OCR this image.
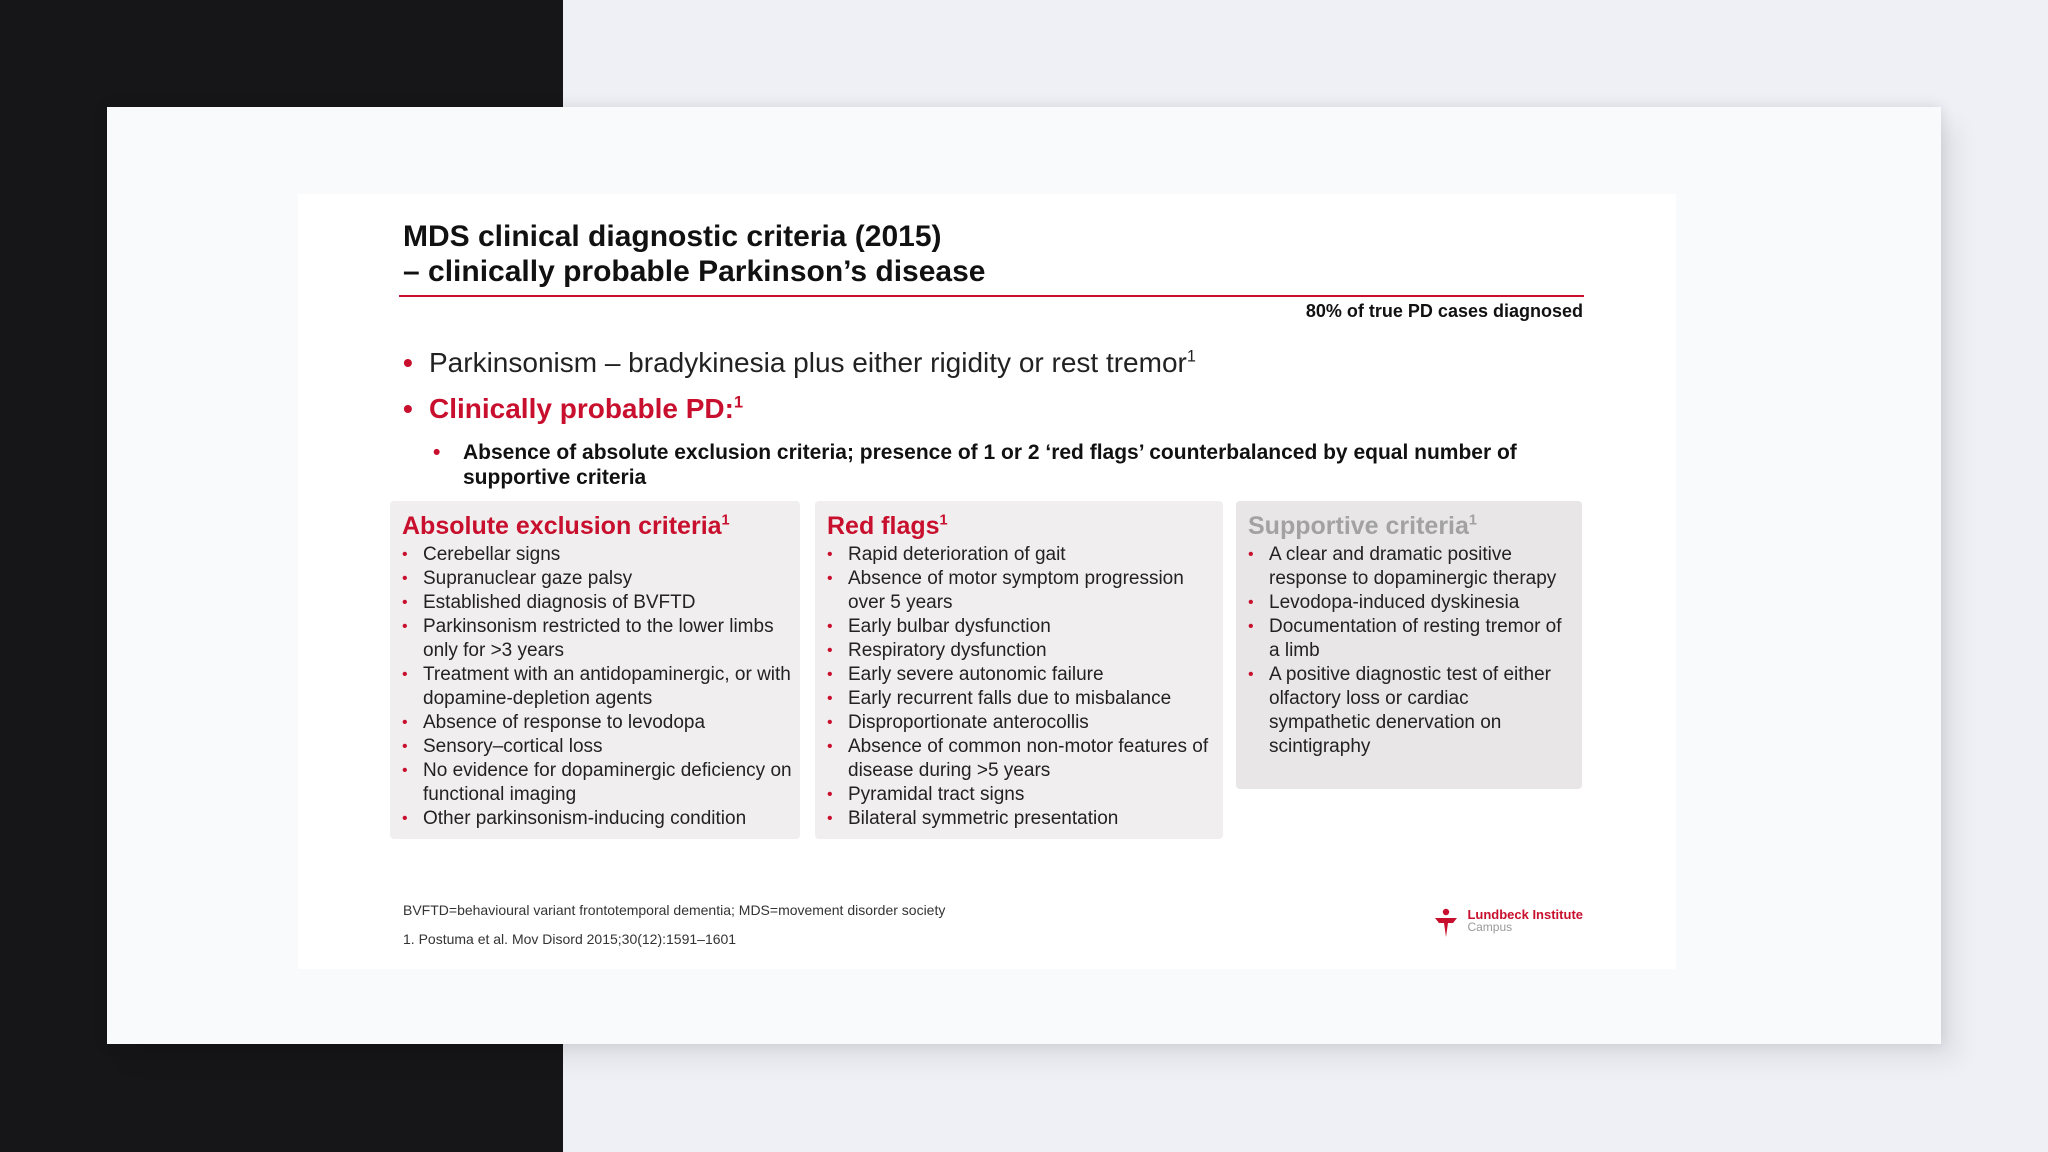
MDS clinical diagnostic criteria (2015)
– clinically probable Parkinson’s disease
80% of true PD cases diagnosed
• Parkinsonism – bradykinesia plus either rigidity or rest tremor$^1$
• Clinically probable PD:$^1$
•	Absence of absolute exclusion criteria; presence of 1 or 2 ‘red flags’ counterbalanced by equal number of supportive criteria
Absolute exclusion criteria$^1$
• Cerebellar signs
• Supranuclear gaze palsy
• Established diagnosis of BVFTD
• Parkinsonism restricted to the lower limbs only for >3 years
• Treatment with an antidopaminergic, or with dopamine-depletion agents
• Absence of response to levodopa
• Sensory–cortical loss
• No evidence for dopaminergic deficiency on functional imaging
• Other parkinsonism-inducing condition
Red flags$^1$
• Rapid deterioration of gait
• Absence of motor symptom progression over 5 years
• Early bulbar dysfunction
• Respiratory dysfunction
• Early severe autonomic failure
• Early recurrent falls due to misbalance
• Disproportionate anterocollis
• Absence of common non-motor features of disease during >5 years
• Pyramidal tract signs
• Bilateral symmetric presentation
Supportive criteria$^1$
• A clear and dramatic positive response to dopaminergic therapy
• Levodopa-induced dyskinesia
• Documentation of resting tremor of a limb
• A positive diagnostic test of either olfactory loss or cardiac sympathetic denervation on scintigraphy
BVFTD=behavioural variant frontotemporal dementia; MDS=movement disorder society
1. Postuma et al. Mov Disord 2015;30(12):1591–1601
Lundbeck Institute
Campus
